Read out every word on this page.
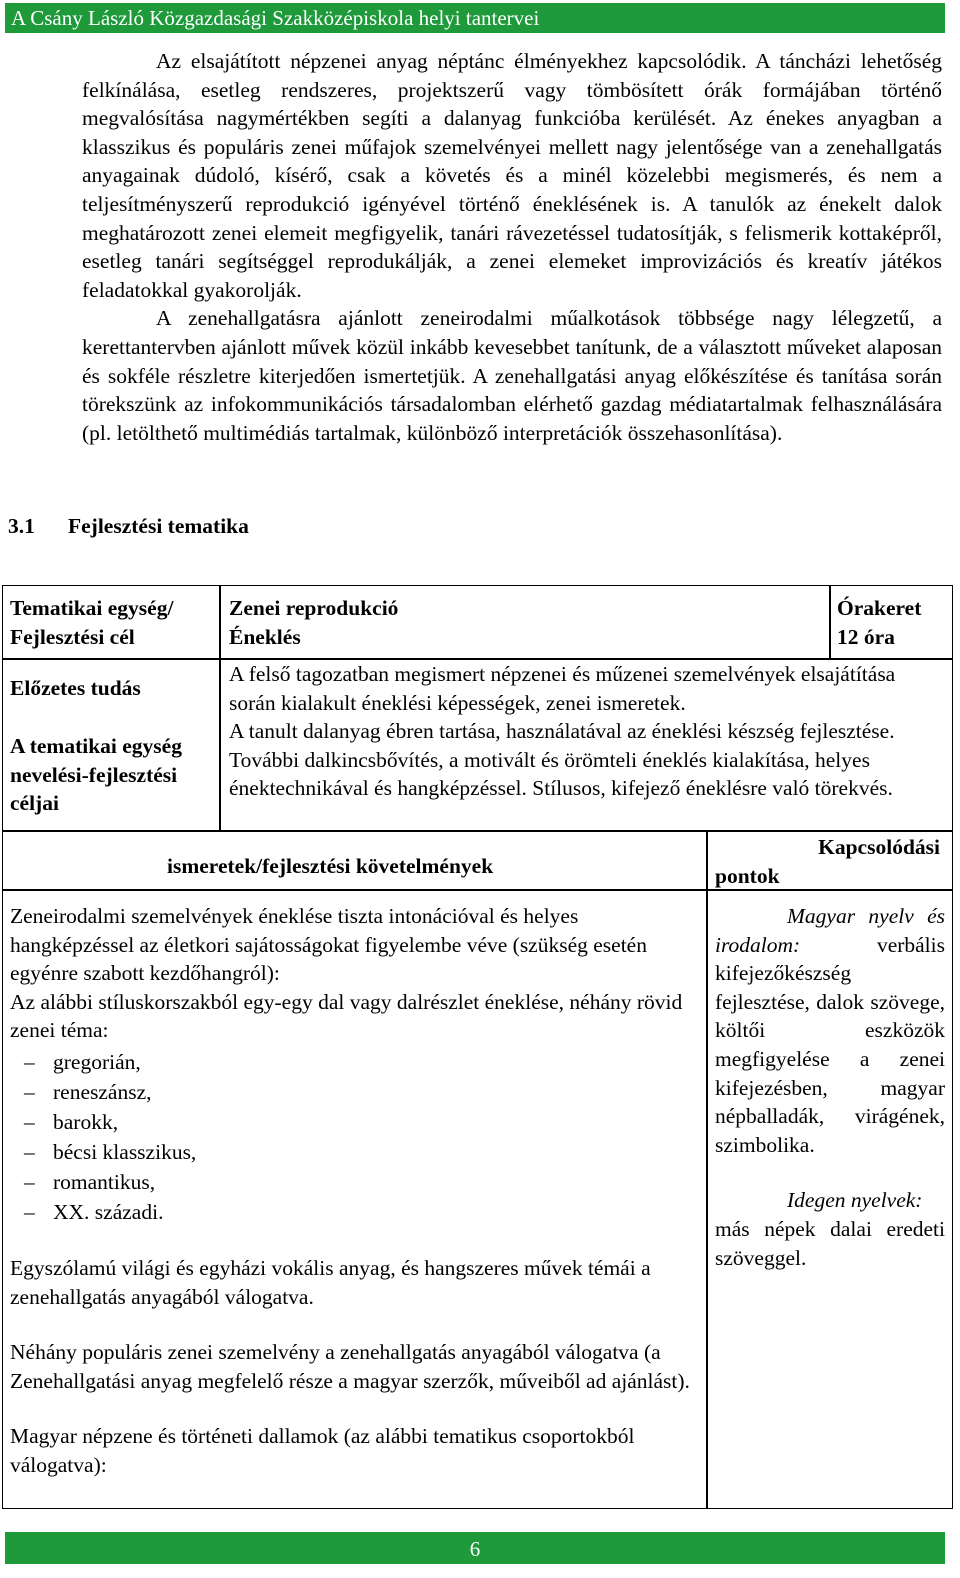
A Csány László Közgazdasági Szakközépiskola helyi tantervei

Az elsajátított népzenei anyag néptánc élményekhez kapcsolódik. A táncházi lehetőség felkínálása, esetleg rendszeres, projektszerű vagy tömbösített órák formájában történő megvalósítása nagymértékben segíti a dalanyag funkcióba kerülését. Az énekes anyagban a klasszikus és populáris zenei műfajok szemelvényei mellett nagy jelentősége van a zenehallgatás anyagainak dúdoló, kísérő, csak a követés és a minél közelebbi megismerés, és nem a teljesítményszerű reprodukció igényével történő éneklésének is. A tanulók az énekelt dalok meghatározott zenei elemeit megfigyelik, tanári rávezetéssel tudatosítják, s felismerik kottaképről, esetleg tanári segítséggel reprodukálják, a zenei elemeket improvizációs és kreatív játékos feladatokkal gyakorolják.

A zenehallgatásra ajánlott zeneirodalmi műalkotások többsége nagy lélegzetű, a kerettantervben ajánlott művek közül inkább kevesebbet tanítunk, de a választott műveket alaposan és sokféle részletre kiterjedően ismertetjük. A zenehallgatási anyag előkészítése és tanítása során törekszünk az infokommunikációs társadalomban elérhető gazdag médiatartalmak felhasználására (pl. letölthető multimédiás tartalmak, különböző interpretációk összehasonlítása).

3.1 Fejlesztési tematika
Tematikai egység/
Fejlesztési cél
Zenei reprodukció
Éneklés
Órakeret
12 óra
Előzetes tudás
A felső tagozatban megismert népzenei és műzenei szemelvények elsajátítása során kialakult éneklési képességek, zenei ismeretek.
A tematikai egység nevelési-fejlesztési céljai
A tanult dalanyag ébren tartása, használatával az éneklési készség fejlesztése. További dalkincsbővítés, a motivált és örömteli éneklés kialakítása, helyes énektechnikával és hangképzéssel. Stílusos, kifejező éneklésre való törekvés.
ismeretek/fejlesztési követelmények
Kapcsolódási
pontok

Zeneirodalmi szemelvények éneklése tiszta intonációval és helyes hangképzéssel az életkori sajátosságokat figyelembe véve (szükség esetén egyénre szabott kezdőhangról):

Az alábbi stíluskorszakból egy-egy dal vagy dalrészlet éneklése, néhány rövid zenei téma:

– gregorián,
– reneszánsz,
– barokk,
– bécsi klasszikus,
– romantikus,
– XX. századi.

Egyszólamú világi és egyházi vokális anyag, és hangszeres művek témái a zenehallgatás anyagából válogatva.

Néhány populáris zenei szemelvény a zenehallgatás anyagából válogatva (a Zenehallgatási anyag megfelelő része a magyar szerzők, műveiből ad ajánlást).

Magyar népzene és történeti dallamok (az alábbi tematikus csoportokból válogatva):

Magyar nyelv és irodalom: verbális kifejezőkészség fejlesztése, dalok szövege, költői eszközök megfigyelése a zenei kifejezésben, magyar népballadák, virágének, szimbolika.

Idegen nyelvek:

más népek dalai eredeti szöveggel.

6
